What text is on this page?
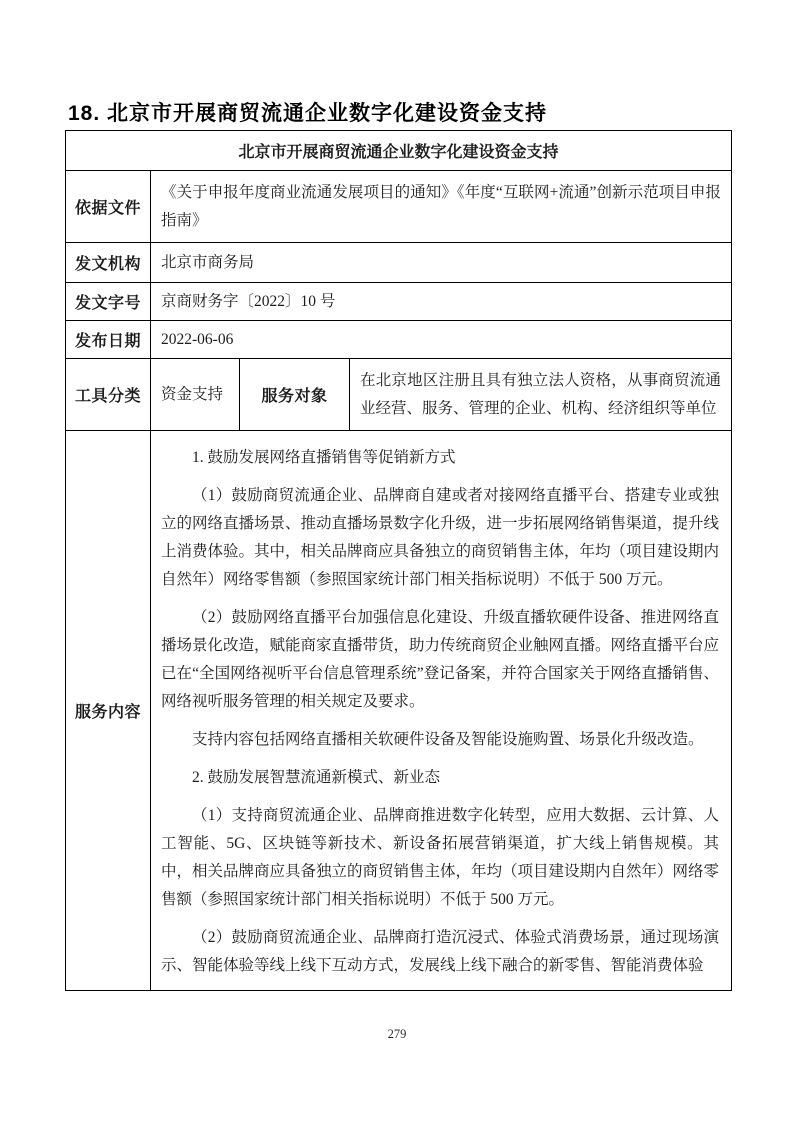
18. 北京市开展商贸流通企业数字化建设资金支持
北京市开展商贸流通企业数字化建设资金支持			
依据文件	《关于申报年度商业流通发展项目的通知》《年度“互联网+流通”创新示范项目申报指南》		
发文机构	北京市商务局		
发文字号	京商财务字〔2022〕10 号		
发布日期	2022-06-06		
工具分类	资金支持	服务对象	在北京地区注册且具有独立法人资格，从事商贸流通业经营、服务、管理的企业、机构、经济组织等单位
服务内容	

1. 鼓励发展网络直播销售等促销新方式

（1）鼓励商贸流通企业、品牌商自建或者对接网络直播平台、搭建专业或独立的网络直播场景、推动直播场景数字化升级，进一步拓展网络销售渠道，提升线上消费体验。其中，相关品牌商应具备独立的商贸销售主体，年均（项目建设期内自然年）网络零售额（参照国家统计部门相关指标说明）不低于 500 万元。

（2）鼓励网络直播平台加强信息化建设、升级直播软硬件设备、推进网络直播场景化改造，赋能商家直播带货，助力传统商贸企业触网直播。网络直播平台应已在“全国网络视听平台信息管理系统”登记备案，并符合国家关于网络直播销售、网络视听服务管理的相关规定及要求。

支持内容包括网络直播相关软硬件设备及智能设施购置、场景化升级改造。

2. 鼓励发展智慧流通新模式、新业态

（1）支持商贸流通企业、品牌商推进数字化转型，应用大数据、云计算、人工智能、5G、区块链等新技术、新设备拓展营销渠道，扩大线上销售规模。其中，相关品牌商应具备独立的商贸销售主体，年均（项目建设期内自然年）网络零售额（参照国家统计部门相关指标说明）不低于 500 万元。

（2）鼓励商贸流通企业、品牌商打造沉浸式、体验式消费场景，通过现场演示、智能体验等线上线下互动方式，发展线上线下融合的新零售、智能消费体验

279
